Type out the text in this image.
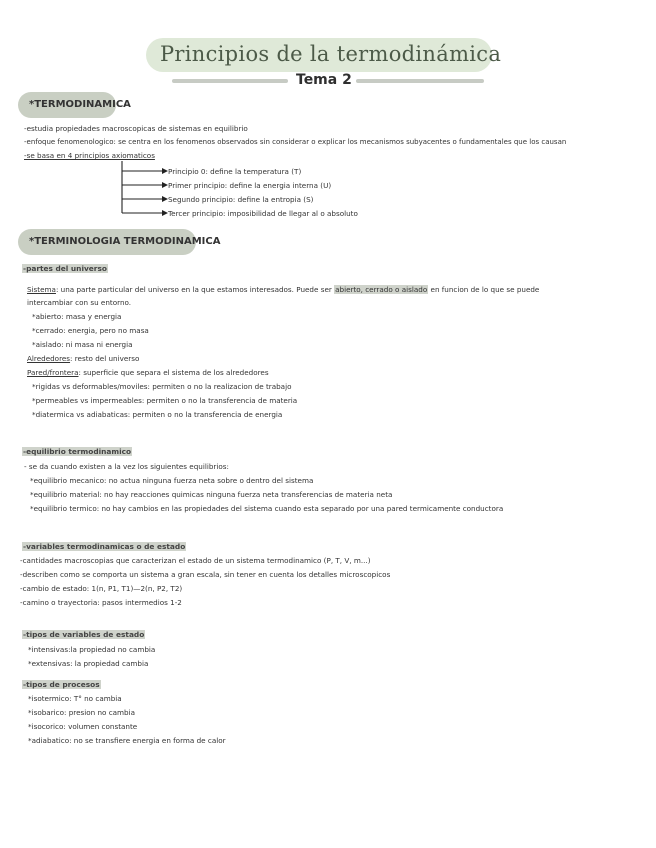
Principios de la termodinámica
Tema 2
*TERMODINAMICA
-estudia propiedades macroscopicas de sistemas en equilibrio
-enfoque fenomenologico: se centra en los fenomenos observados sin considerar o explicar los mecanismos subyacentes o fundamentales que los causan
-se basa en 4 principios axiomaticos
Principio 0: define la temperatura (T)
Primer principio: define la energia interna (U)
Segundo principio: define la entropia (S)
Tercer principio: imposibilidad de llegar al o absoluto
*TERMINOLOGIA TERMODINAMICA
-partes del universo
Sistema: una parte particular del universo en la que estamos interesados. Puede ser abierto, cerrado o aislado en funcion de lo que se puede
intercambiar con su entorno.
*abierto: masa y energia
*cerrado: energia, pero no masa
*aislado: ni masa ni energia
Alrededores: resto del universo
Pared/frontera: superficie que separa el sistema de los alrededores
*rigidas vs deformables/moviles: permiten o no la realizacion de trabajo
*permeables vs impermeables: permiten o no la transferencia de materia
*diatermica vs adiabaticas: permiten o no la transferencia de energia
-equilibrio termodinamico
- se da cuando existen a la vez los siguientes equilibrios:
*equilibrio mecanico: no actua ninguna fuerza neta sobre o dentro del sistema
*equilibrio material: no hay reacciones quimicas ninguna fuerza neta transferencias de materia neta
*equilibrio termico: no hay cambios en las propiedades del sistema cuando esta separado por una pared termicamente conductora
-variables termodinamicas o de estado
-cantidades macroscopias que caracterizan el estado de un sistema termodinamico (P, T, V, m...)
-describen como se comporta un sistema a gran escala, sin tener en cuenta los detalles microscopicos
-cambio de estado: 1(n, P1, T1)—2(n, P2, T2)
-camino o trayectoria: pasos intermedios 1-2
-tipos de variables de estado
*intensivas:la propiedad no cambia
*extensivas: la propiedad cambia
-tipos de procesos
*isotermico: T° no cambia
*isobarico: presion no cambia
*isocorico: volumen constante
*adiabatico: no se transfiere energia en forma de calor
